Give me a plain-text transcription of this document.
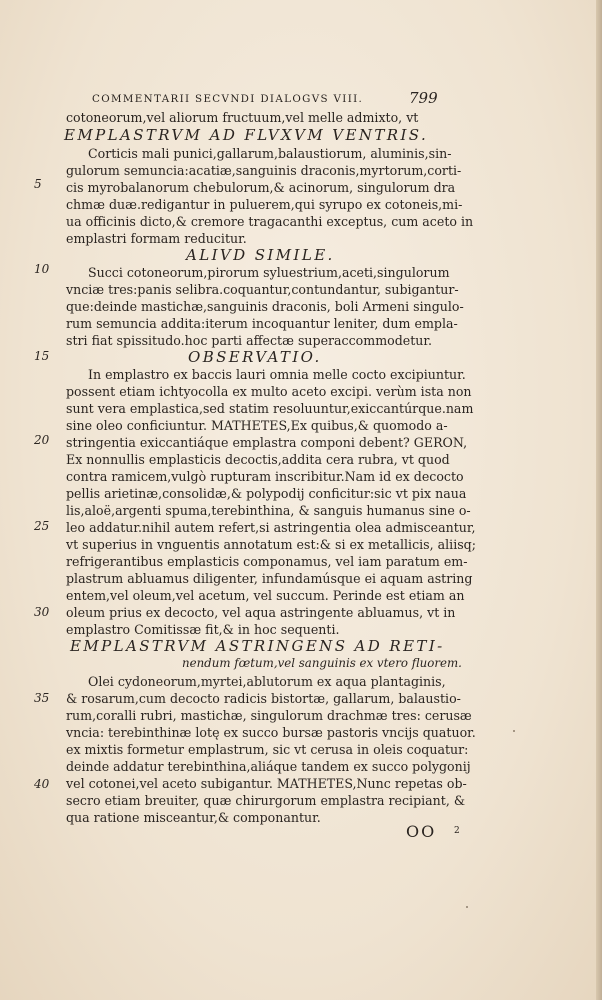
COMMENTARII SECVNDI DIALOGVS VIII.	799
5
10
15
20
25
30
35
40
cotoneorum,vel aliorum fructuum,vel melle admixto, vt
EMPLASTRVM AD FLVXVM VENTRIS.
Corticis mali punici,gallarum,balaustiorum, aluminis,sin-
gulorum semuncia:acatiæ,sanguinis draconis,myrtorum,corti-
cis myrobalanorum chebulorum,& acinorum, singulorum dra
chmæ duæ.redigantur in puluerem,qui syrupo ex cotoneis,mi-
ua officinis dicto,& cremore tragacanthi exceptus, cum aceto in
emplastri formam reducitur.
ALIVD SIMILE.
Succi cotoneorum,pirorum syluestrium,aceti,singulorum
vnciæ tres:panis selibra.coquantur,contundantur, subigantur-
que:deinde mastichæ,sanguinis draconis, boli Armeni singulo-
rum semuncia addita:iterum incoquantur leniter, dum empla-
stri fiat spissitudo.hoc parti affectæ superaccommodetur.
OBSERVATIO.
In emplastro ex baccis lauri omnia melle cocto excipiuntur.
possent etiam ichtyocolla ex multo aceto excipi. verùm ista non
sunt vera emplastica,sed statim resoluuntur,exiccantúrque.nam
sine oleo conficiuntur. MATHETES,Ex quibus,& quomodo a-
stringentia exiccantiáque emplastra componi debent? GERON,
Ex nonnullis emplasticis decoctis,addita cera rubra, vt quod
contra ramicem,vulgò rupturam inscribitur.Nam id ex decocto
pellis arietinæ,consolidæ,& polypodij conficitur:sic vt pix naua
lis,aloë,argenti spuma,terebinthina, & sanguis humanus sine o-
leo addatur.nihil autem refert,si astringentia olea admisceantur,
vt superius in vnguentis annotatum est:& si ex metallicis, aliisq;
refrigerantibus emplasticis componamus, vel iam paratum em-
plastrum abluamus diligenter, infundamúsque ei aquam astring
entem,vel oleum,vel acetum, vel succum. Perinde est etiam an
oleum prius ex decocto, vel aqua astringente abluamus, vt in
emplastro Comitissæ fit,& in hoc sequenti.
EMPLASTRVM ASTRINGENS AD RETI-
nendum fœtum,vel sanguinis ex vtero fluorem.
Olei cydoneorum,myrtei,ablutorum ex aqua plantaginis,
& rosarum,cum decocto radicis bistortæ, gallarum, balaustio-
rum,coralli rubri, mastichæ, singulorum drachmæ tres: cerusæ
vncia: terebinthinæ lotę ex succo bursæ pastoris vncijs quatuor.
ex mixtis formetur emplastrum, sic vt cerusa in oleis coquatur:
deinde addatur terebinthina,aliáque tandem ex succo polygonij
vel cotonei,vel aceto subigantur. MATHETES,Nunc repetas ob-
secro etiam breuiter, quæ chirurgorum emplastra recipiant, &
qua ratione misceantur,& componantur.
OO 2
